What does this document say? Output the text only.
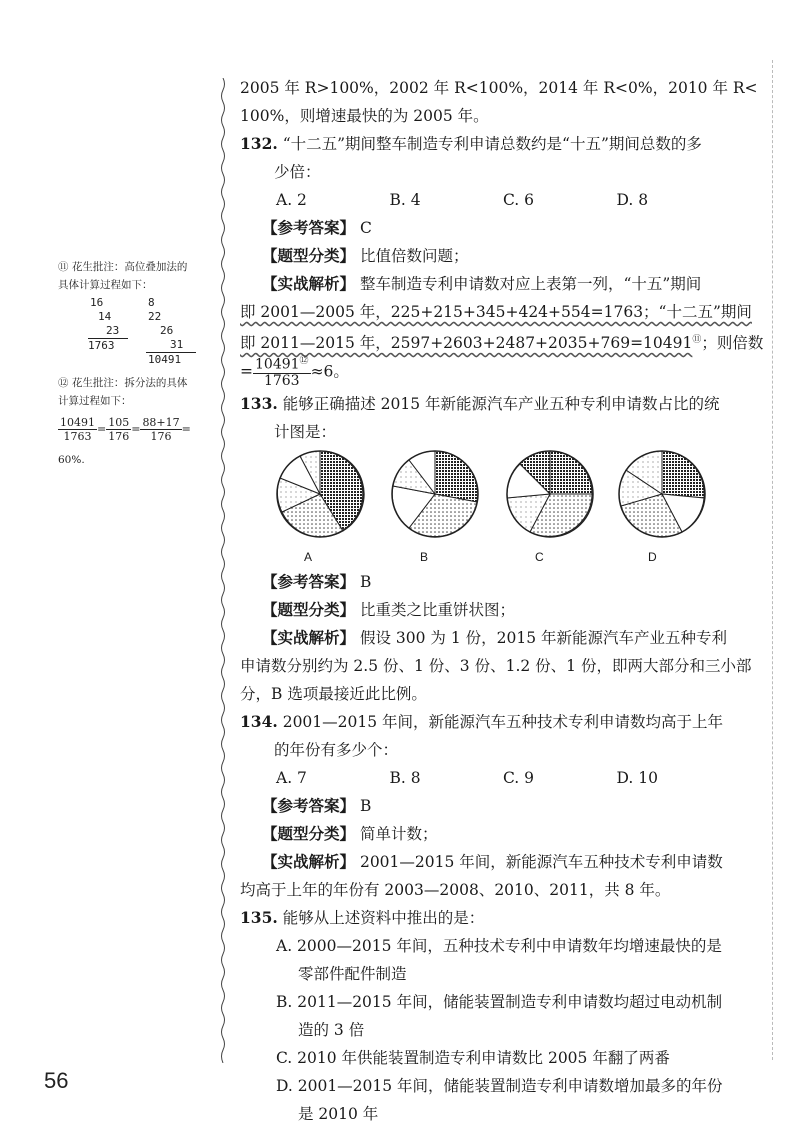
⑪ 花生批注：高位叠加法的
具体计算过程如下：
16
14
23
1763
8
22
26
31
10491
⑫ 花生批注：拆分法的具体
计算过程如下：
$\frac{10491}{1763} = \frac{105}{176} = \frac{88+17}{176}$ =
60%.
2005 年 R>100%，2002 年 R<100%，2014 年 R<0%，2010 年 R<
100%，则增速最快的为 2005 年。
132. “十二五”期间整车制造专利申请总数约是“十五”期间总数的多
少倍：
A. 2	B. 4	C. 6	D. 8
【参考答案】 C
【题型分类】 比值倍数问题；
【实战解析】 整车制造专利申请数对应上表第一列，“十五”期间
即 2001—2005 年，225+215+345+424+554=1763；“十二五”期间
即 2011—2015 年，2597+2603+2487+2035+769=10491⑪；则倍数
= $\frac{10491^⑫}{1763} \approx 6$。
133. 能够正确描述 2015 年新能源汽车产业五种专利申请数占比的统
计图是：
A	B	C	D
【参考答案】 B
【题型分类】 比重类之比重饼状图；
【实战解析】 假设 300 为 1 份，2015 年新能源汽车产业五种专利
申请数分别约为 2.5 份、1 份、3 份、1.2 份、1 份，即两大部分和三小部
分，B 选项最接近此比例。
134. 2001—2015 年间，新能源汽车五种技术专利申请数均高于上年
的年份有多少个：
A. 7	B. 8	C. 9	D. 10
【参考答案】 B
【题型分类】 简单计数；
【实战解析】 2001—2015 年间，新能源汽车五种技术专利申请数
均高于上年的年份有 2003—2008、2010、2011，共 8 年。
135. 能够从上述资料中推出的是：
A. 2000—2015 年间，五种技术专利中申请数年均增速最快的是
零部件配件制造
B. 2011—2015 年间，储能装置制造专利申请数均超过电动机制
造的 3 倍
C. 2010 年供能装置制造专利申请数比 2005 年翻了两番
D. 2001—2015 年间，储能装置制造专利申请数增加最多的年份
是 2010 年
56
